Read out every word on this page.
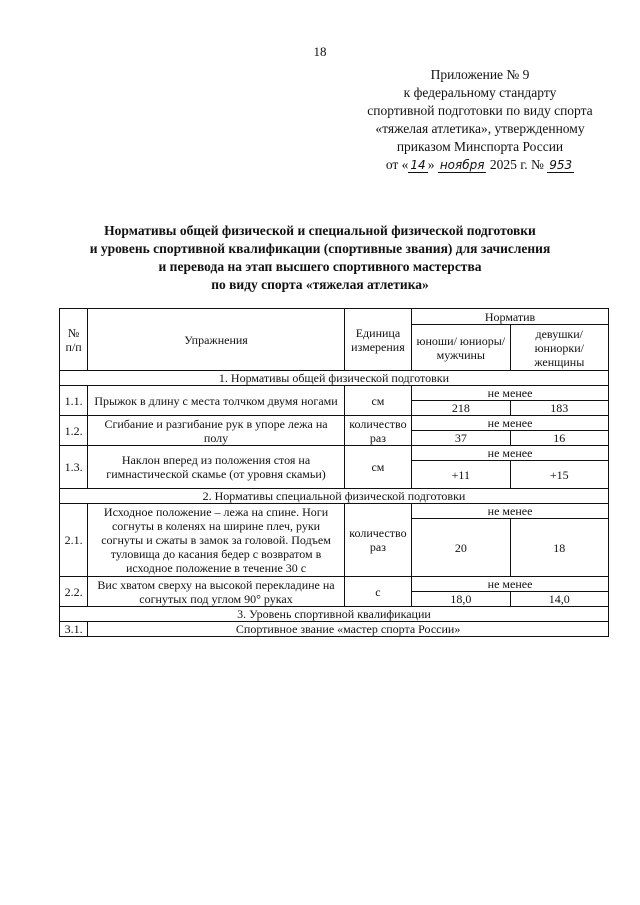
18
Приложение № 9
к федеральному стандарту
спортивной подготовки по виду спорта
«тяжелая атлетика», утвержденному
приказом Минспорта России
от « 14 » ноября 2025 г. № 953
Нормативы общей физической и специальной физической подготовки
и уровень спортивной квалификации (спортивные звания) для зачисления
и перевода на этап высшего спортивного мастерства
по виду спорта «тяжелая атлетика»
№ п/п	Упражнения	Единица измерения	Норматив	
			юноши/ юниоры/ мужчины	девушки/ юниорки/ женщины
1. Нормативы общей физической подготовки				
1.1.	Прыжок в длину с места толчком двумя ногами	см	не менее	
			218	183
1.2.	Сгибание и разгибание рук в упоре лежа на полу	количество раз	не менее	
			37	16
1.3.	Наклон вперед из положения стоя на гимнастической скамье (от уровня скамьи)	см	не менее	
			+11	+15
2. Нормативы специальной физической подготовки				
2.1.	Исходное положение – лежа на спине. Ноги согнуты в коленях на ширине плеч, руки согнуты и сжаты в замок за головой. Подъем туловища до касания бедер с возвратом в исходное положение в течение 30 с	количество раз	не менее	
			20	18
2.2.	Вис хватом сверху на высокой перекладине на согнутых под углом 90° руках	с	не менее	
			18,0	14,0
3. Уровень спортивной квалификации				
3.1.	Спортивное звание «мастер спорта России»			
